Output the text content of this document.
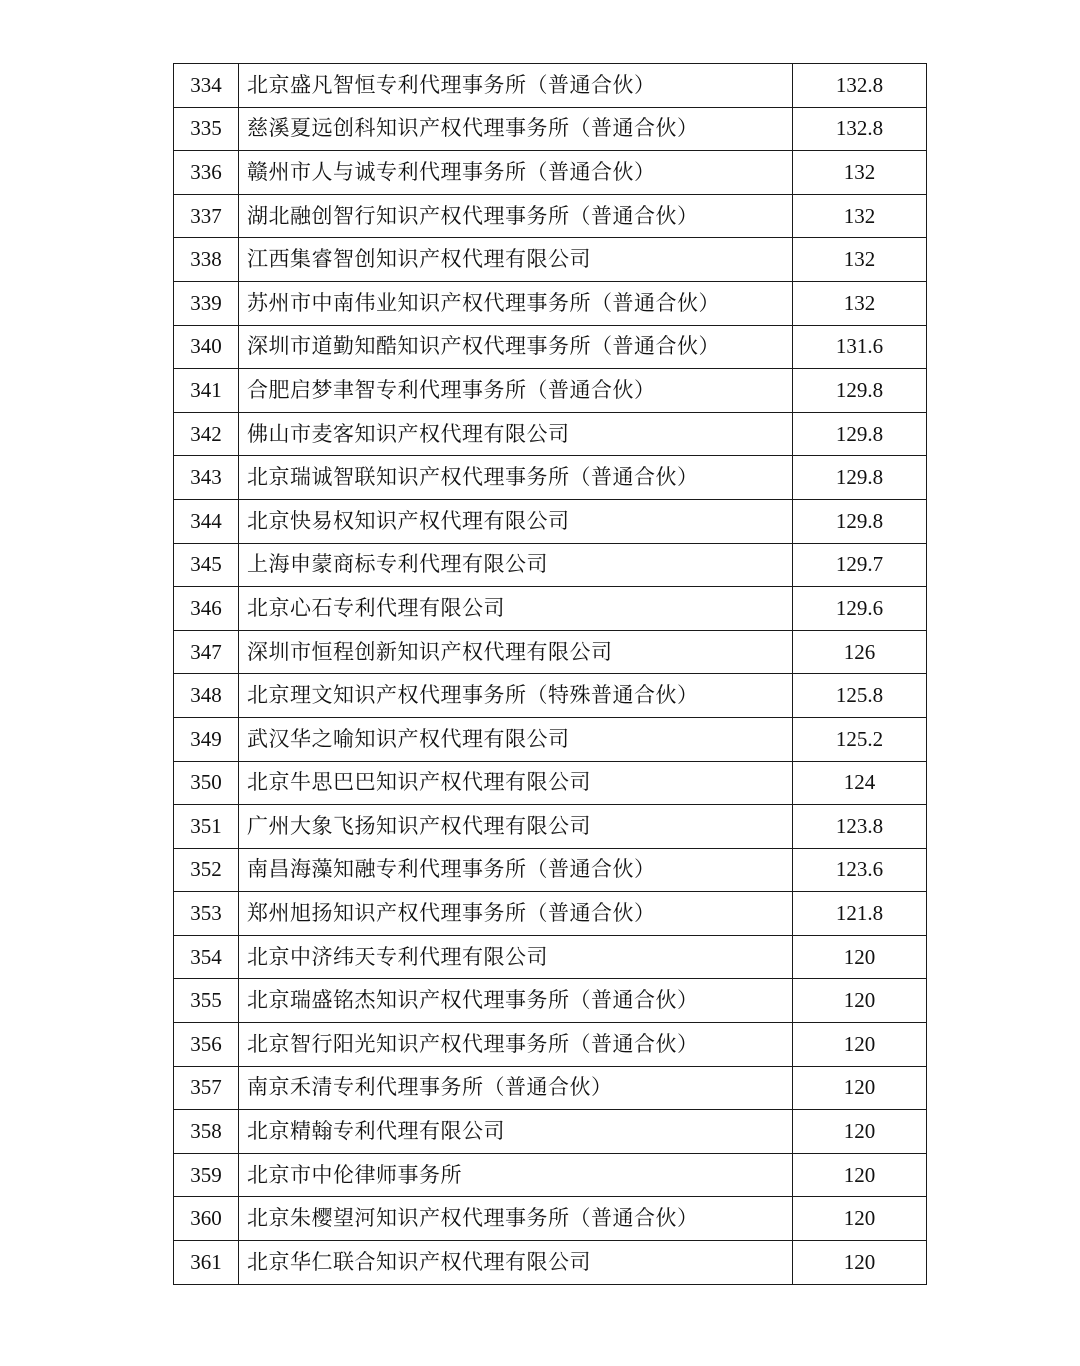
334	北京盛凡智恒专利代理事务所（普通合伙）	132.8
335	慈溪夏远创科知识产权代理事务所（普通合伙）	132.8
336	赣州市人与诚专利代理事务所（普通合伙）	132
337	湖北融创智行知识产权代理事务所（普通合伙）	132
338	江西集睿智创知识产权代理有限公司	132
339	苏州市中南伟业知识产权代理事务所（普通合伙）	132
340	深圳市道勤知酷知识产权代理事务所（普通合伙）	131.6
341	合肥启梦聿智专利代理事务所（普通合伙）	129.8
342	佛山市麦客知识产权代理有限公司	129.8
343	北京瑞诚智联知识产权代理事务所（普通合伙）	129.8
344	北京快易权知识产权代理有限公司	129.8
345	上海申蒙商标专利代理有限公司	129.7
346	北京心石专利代理有限公司	129.6
347	深圳市恒程创新知识产权代理有限公司	126
348	北京理文知识产权代理事务所（特殊普通合伙）	125.8
349	武汉华之喻知识产权代理有限公司	125.2
350	北京牛思巴巴知识产权代理有限公司	124
351	广州大象飞扬知识产权代理有限公司	123.8
352	南昌海藻知融专利代理事务所（普通合伙）	123.6
353	郑州旭扬知识产权代理事务所（普通合伙）	121.8
354	北京中济纬天专利代理有限公司	120
355	北京瑞盛铭杰知识产权代理事务所（普通合伙）	120
356	北京智行阳光知识产权代理事务所（普通合伙）	120
357	南京禾清专利代理事务所（普通合伙）	120
358	北京精翰专利代理有限公司	120
359	北京市中伦律师事务所	120
360	北京朱樱望河知识产权代理事务所（普通合伙）	120
361	北京华仁联合知识产权代理有限公司	120
